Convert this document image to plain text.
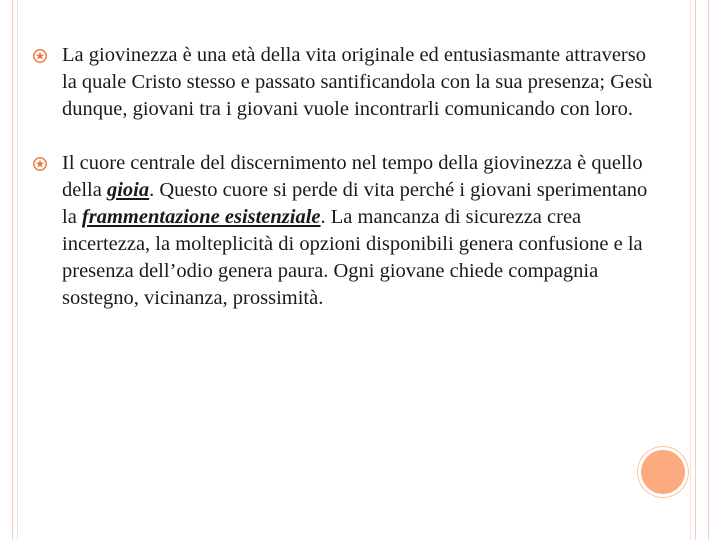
La giovinezza è una età della vita originale ed entusiasmante attraverso la quale Cristo stesso e passato santificandola con la sua presenza; Gesù dunque, giovani tra i giovani vuole incontrarli comunicando con loro.
Il cuore centrale del discernimento nel tempo della giovinezza è quello della gioia. Questo cuore si perde di vita perché i giovani sperimentano la frammentazione esistenziale. La mancanza di sicurezza crea incertezza, la molteplicità di opzioni disponibili genera confusione e la presenza dell’odio genera paura. Ogni giovane chiede compagnia sostegno, vicinanza, prossimità.
